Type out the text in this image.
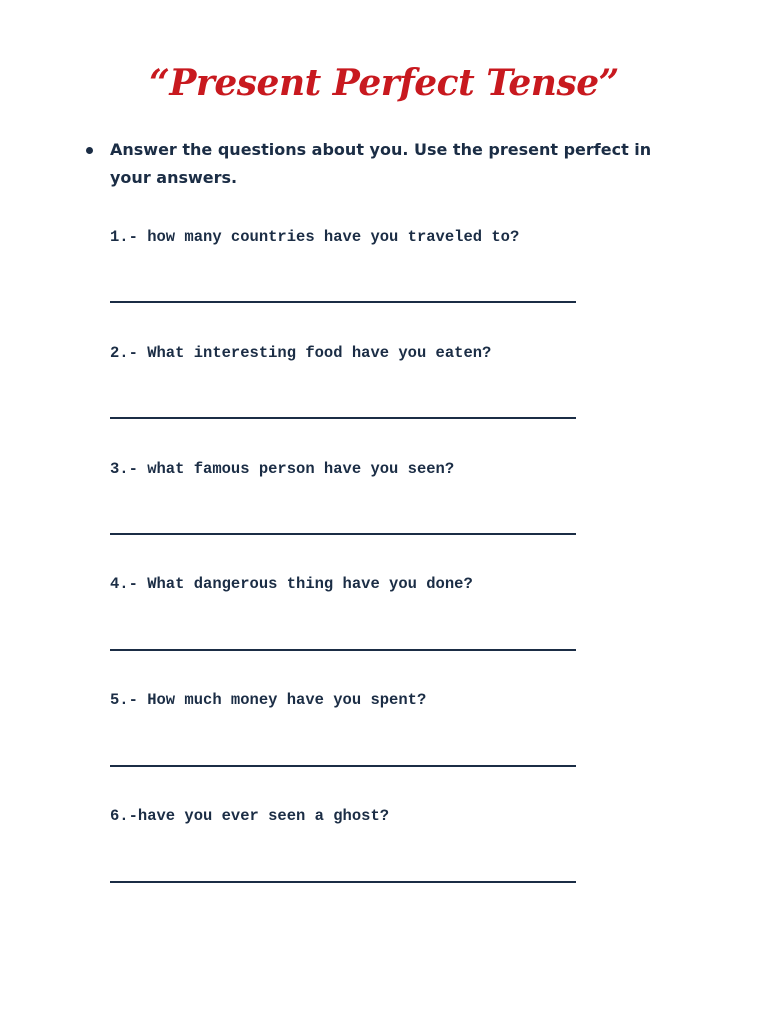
“Present Perfect Tense”
Answer the questions about you. Use the present perfect in your answers.
1.- how many countries have you traveled to?
2.- What interesting food have you eaten?
3.- what famous person have you seen?
4.- What dangerous thing have you done?
5.- How much money have you spent?
6.-have you ever seen a ghost?
